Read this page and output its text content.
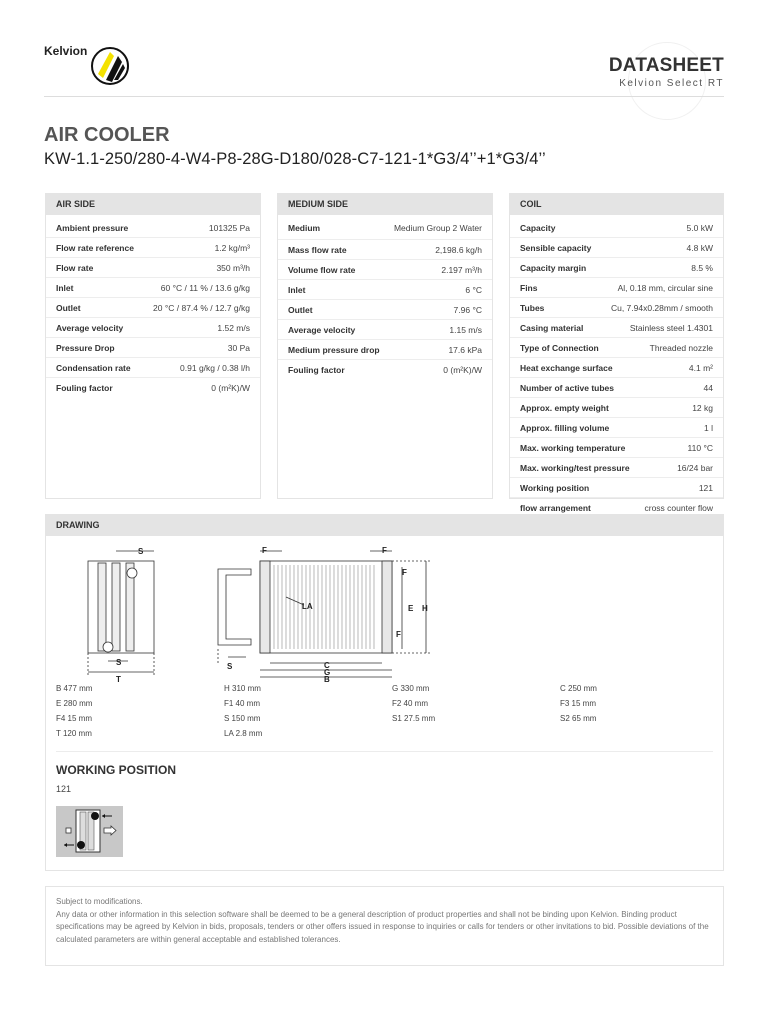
Kelvion
DATASHEET
Kelvion Select RT
AIR COOLER
KW-1.1-250/280-4-W4-P8-28G-D180/028-C7-121-1*G3/4’’+1*G3/4’’
AIR SIDE
Ambient pressure	101325 Pa
Flow rate reference	1.2 kg/m³
Flow rate	350 m³/h
Inlet	60 °C / 11 % / 13.6 g/kg
Outlet	20 °C / 87.4 % / 12.7 g/kg
Average velocity	1.52 m/s
Pressure Drop	30 Pa
Condensation rate	0.91 g/kg / 0.38 l/h
Fouling factor	0 (m²K)/W
MEDIUM SIDE
Medium	Medium Group 2 Water
Mass flow rate	2,198.6 kg/h
Volume flow rate	2.197 m³/h
Inlet	6 °C
Outlet	7.96 °C
Average velocity	1.15 m/s
Medium pressure drop	17.6 kPa
Fouling factor	0 (m²K)/W
COIL
Capacity	5.0 kW
Sensible capacity	4.8 kW
Capacity margin	8.5 %
Fins	Al, 0.18 mm, circular sine
Tubes	Cu, 7.94x0.28mm / smooth
Casing material	Stainless steel 1.4301
Type of Connection	Threaded nozzle
Heat exchange surface	4.1 m²
Number of active tubes	44
Approx. empty weight	12 kg
Approx. filling volume	1 l
Max. working temperature	110 °C
Max. working/test pressure	16/24 bar
Working position	121
flow arrangement	cross counter flow
DRAWING
S
S
T
S
F	F
F
F
E H
LA
C
G
B
B 477 mm	H 310 mm	G 330 mm	C 250 mm
E 280 mm	F1 40 mm	F2 40 mm	F3 15 mm
F4 15 mm	S 150 mm	S1 27.5 mm	S2 65 mm
T 120 mm	LA 2.8 mm
WORKING POSITION
121

Subject to modifications.

Any data or other information in this selection software shall be deemed to be a general description of product properties and shall not be binding upon Kelvion. Binding product specifications may be agreed by Kelvion in bids, proposals, tenders or other offers issued in response to inquiries or calls for tenders or other invitations to bid. Possible deviations of the calculated parameters are within general acceptable and established tolerances.
